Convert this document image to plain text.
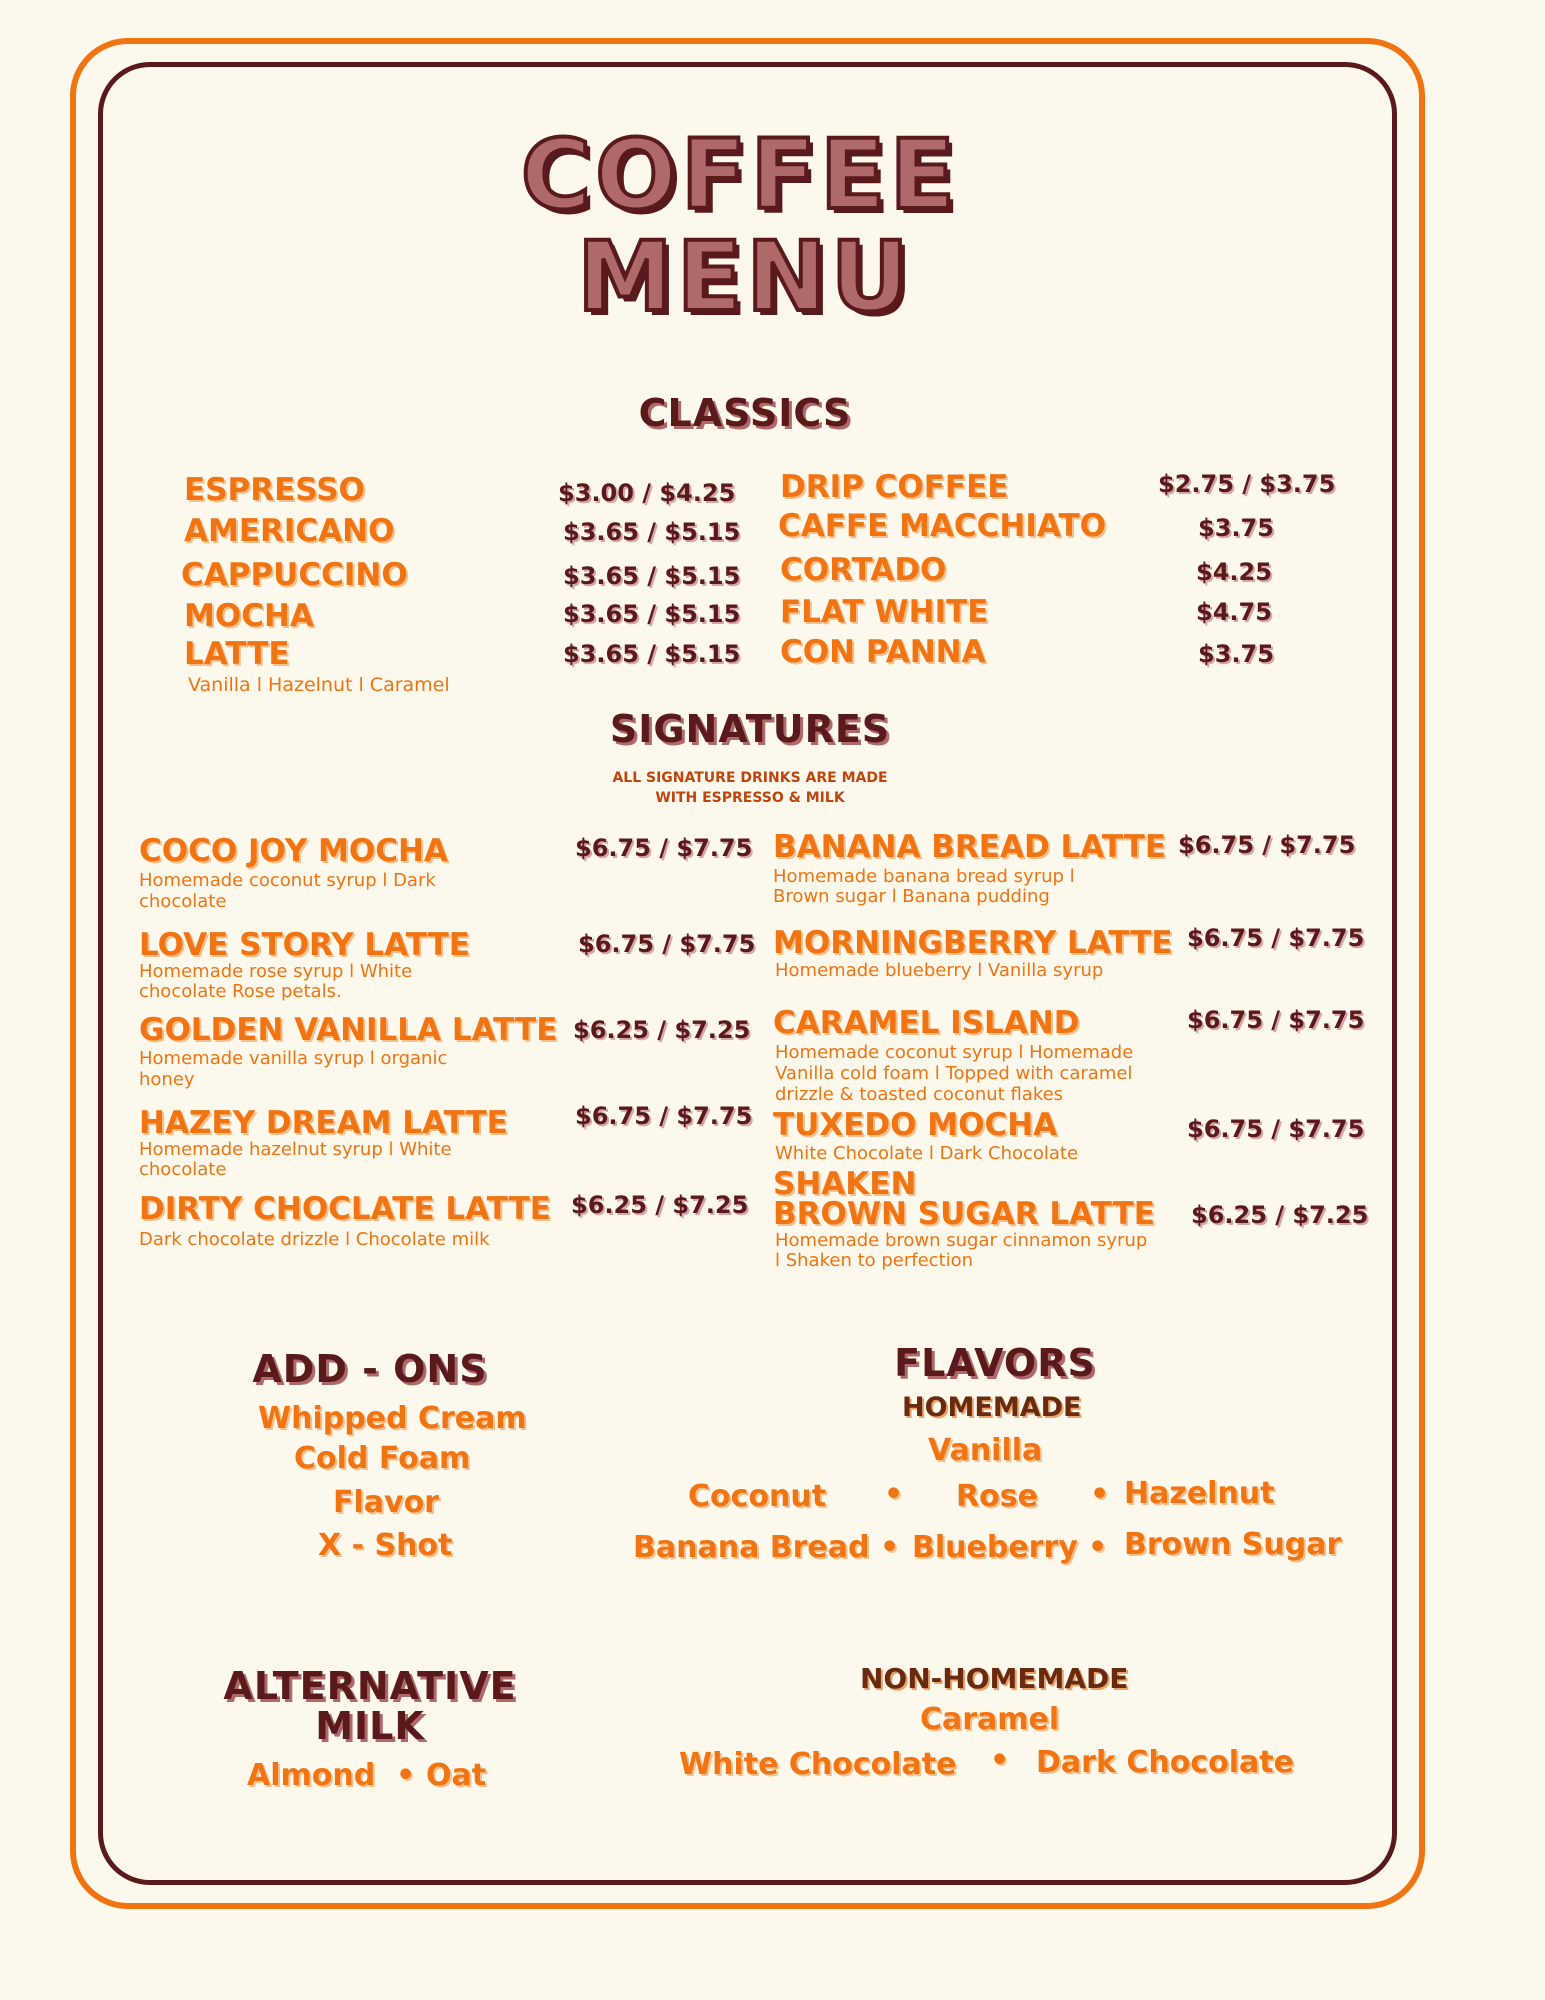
COFFEE
MENU
CLASSICS
ESPRESSO	$3.00 / $4.25
AMERICANO	$3.65 / $5.15
CAPPUCCINO	$3.65 / $5.15
MOCHA	$3.65 / $5.15
LATTE	$3.65 / $5.15
Vanilla l Hazelnut l Caramel
DRIP COFFEE	$2.75 / $3.75
CAFFE MACCHIATO	$3.75
CORTADO	$4.25
FLAT WHITE	$4.75
CON PANNA	$3.75
SIGNATURES
ALL SIGNATURE DRINKS ARE MADE
WITH ESPRESSO & MILK
COCO JOY MOCHA	$6.75 / $7.75
Homemade coconut syrup l Dark
chocolate
LOVE STORY LATTE	$6.75 / $7.75
Homemade rose syrup l White
chocolate Rose petals.
GOLDEN VANILLA LATTE $6.25 / $7.25
Homemade vanilla syrup l organic
honey
HAZEY DREAM LATTE	$6.75 / $7.75
Homemade hazelnut syrup l White
chocolate
DIRTY CHOCLATE LATTE $6.25 / $7.25
Dark chocolate drizzle l Chocolate milk
BANANA BREAD LATTE $6.75 / $7.75
Homemade banana bread syrup l
Brown sugar l Banana pudding
MORNINGBERRY LATTE $6.75 / $7.75
Homemade blueberry l Vanilla syrup
CARAMEL ISLAND	$6.75 / $7.75
Homemade coconut syrup l Homemade
Vanilla cold foam l Topped with caramel
drizzle & toasted coconut flakes
TUXEDO MOCHA	$6.75 / $7.75
White Chocolate l Dark Chocolate
SHAKEN
BROWN SUGAR LATTE $6.25 / $7.25
Homemade brown sugar cinnamon syrup
l Shaken to perfection
ADD - ONS
Whipped Cream
Cold Foam
Flavor
X - Shot
FLAVORS
HOMEMADE
Vanilla
Coconut • Rose • Hazelnut
Banana Bread • Blueberry • Brown Sugar
NON-HOMEMADE
Caramel
White Chocolate • Dark Chocolate
ALTERNATIVE
MILK
Almond • Oat
